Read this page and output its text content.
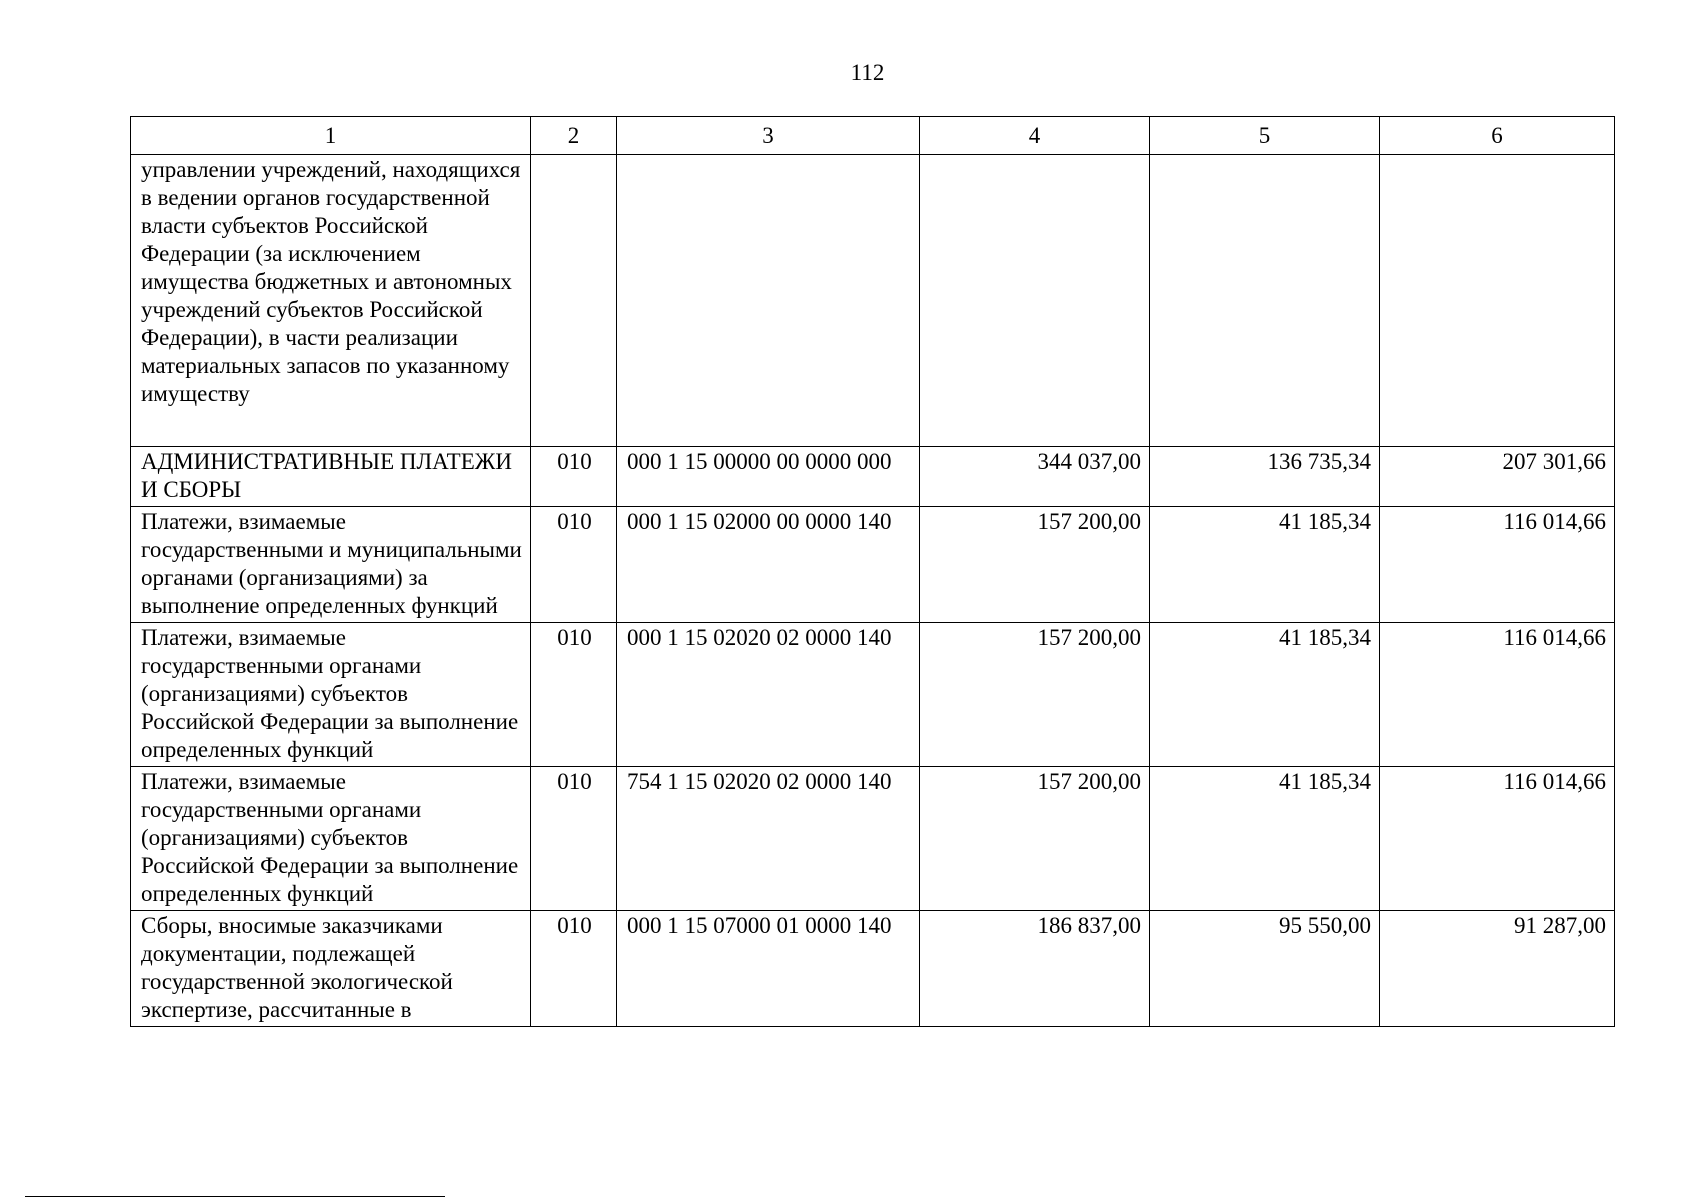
112
1	2	3	4	5	6
управлении учреждений, находящихся в ведении органов государственной власти субъектов Российской Федерации (за исключением имущества бюджетных и автономных учреждений субъектов Российской Федерации), в части реализации материальных запасов по указанному имуществу					
АДМИНИСТРАТИВНЫЕ ПЛАТЕЖИ И СБОРЫ	010	000 1 15 00000 00 0000 000	344 037,00	136 735,34	207 301,66
Платежи, взимаемые государственными и муниципальными органами (организациями) за выполнение определенных функций	010	000 1 15 02000 00 0000 140	157 200,00	41 185,34	116 014,66
Платежи, взимаемые государственными органами (организациями) субъектов Российской Федерации за выполнение определенных функций	010	000 1 15 02020 02 0000 140	157 200,00	41 185,34	116 014,66
Платежи, взимаемые государственными органами (организациями) субъектов Российской Федерации за выполнение определенных функций	010	754 1 15 02020 02 0000 140	157 200,00	41 185,34	116 014,66
Сборы, вносимые заказчиками документации, подлежащей государственной экологической экспертизе, рассчитанные в	010	000 1 15 07000 01 0000 140	186 837,00	95 550,00	91 287,00
